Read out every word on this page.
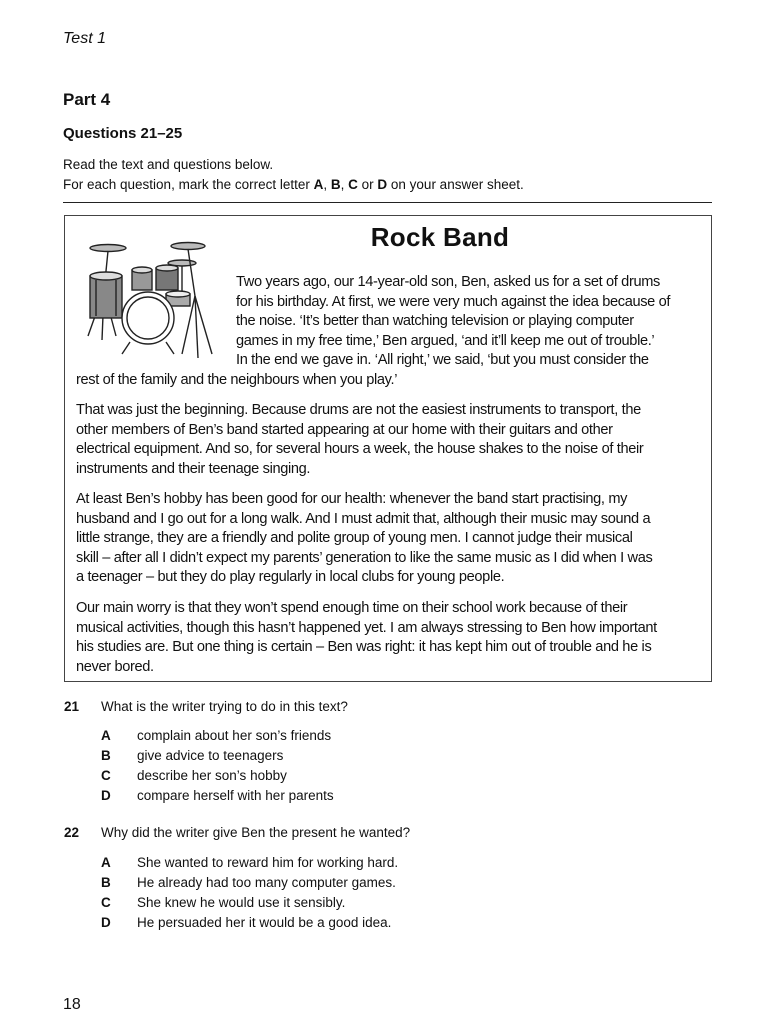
Test 1
Part 4
Questions 21–25
Read the text and questions below.
For each question, mark the correct letter A, B, C or D on your answer sheet.
Rock Band
Two years ago, our 14-year-old son, Ben, asked us for a set of drums
for his birthday. At first, we were very much against the idea because of
the noise. ‘It’s better than watching television or playing computer
games in my free time,’ Ben argued, ‘and it’ll keep me out of trouble.’
In the end we gave in. ‘All right,’ we said, ‘but you must consider the
rest of the family and the neighbours when you play.’
That was just the beginning. Because drums are not the easiest instruments to transport, the
other members of Ben’s band started appearing at our home with their guitars and other
electrical equipment. And so, for several hours a week, the house shakes to the noise of their
instruments and their teenage singing.
At least Ben’s hobby has been good for our health: whenever the band start practising, my
husband and I go out for a long walk. And I must admit that, although their music may sound a
little strange, they are a friendly and polite group of young men. I cannot judge their musical
skill – after all I didn’t expect my parents’ generation to like the same music as I did when I was
a teenager – but they do play regularly in local clubs for young people.
Our main worry is that they won’t spend enough time on their school work because of their
musical activities, though this hasn’t happened yet. I am always stressing to Ben how important
his studies are. But one thing is certain – Ben was right: it has kept him out of trouble and he is
never bored.
21 What is the writer trying to do in this text?
A complain about her son’s friends
B give advice to teenagers
C describe her son’s hobby
D compare herself with her parents
22 Why did the writer give Ben the present he wanted?
A She wanted to reward him for working hard.
B He already had too many computer games.
C She knew he would use it sensibly.
D He persuaded her it would be a good idea.
18
